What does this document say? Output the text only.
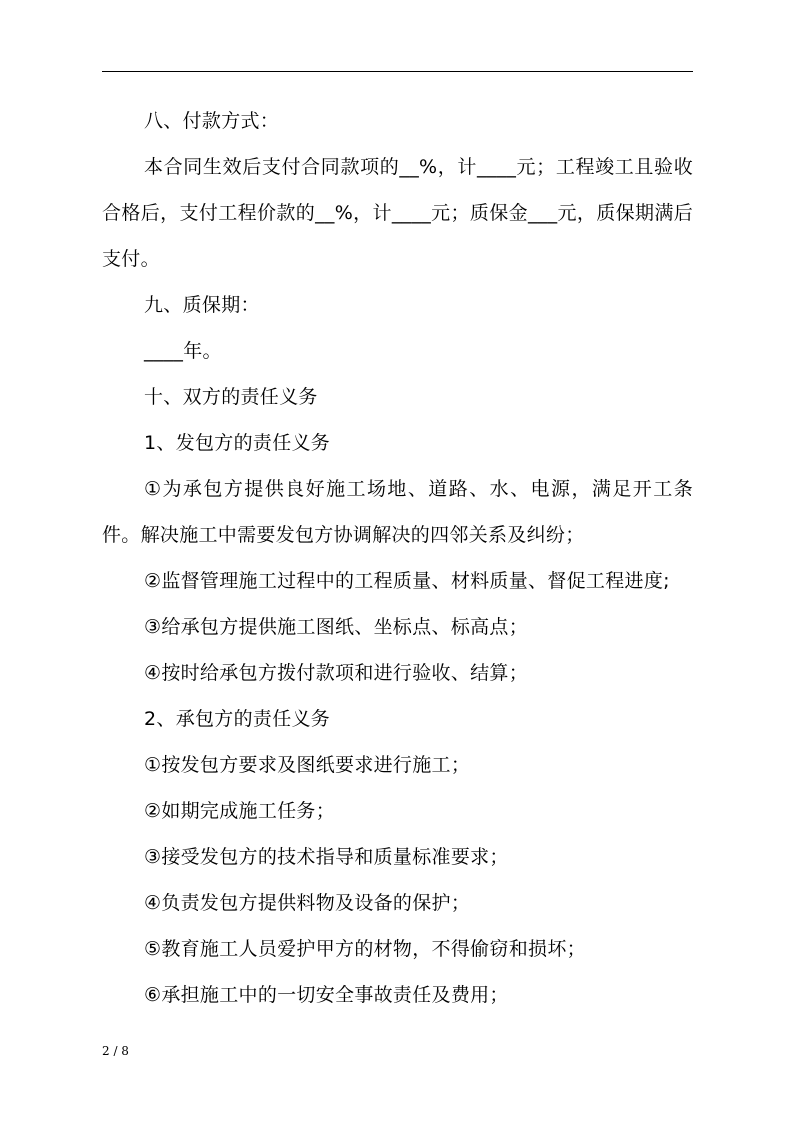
八、付款方式：

本合同生效后支付合同款项的__%，计____元；工程竣工且验收合格后，支付工程价款的__%，计____元；质保金___元，质保期满后支付。

九、质保期：

____年。

十、双方的责任义务

1、发包方的责任义务

①为承包方提供良好施工场地、道路、水、电源，满足开工条件。解决施工中需要发包方协调解决的四邻关系及纠纷；

②监督管理施工过程中的工程质量、材料质量、督促工程进度;

③给承包方提供施工图纸、坐标点、标高点；

④按时给承包方拨付款项和进行验收、结算；

2、承包方的责任义务

①按发包方要求及图纸要求进行施工；

②如期完成施工任务；

③接受发包方的技术指导和质量标准要求；

④负责发包方提供料物及设备的保护；

⑤教育施工人员爱护甲方的材物，不得偷窃和损坏；

⑥承担施工中的一切安全事故责任及费用；

2 / 8
